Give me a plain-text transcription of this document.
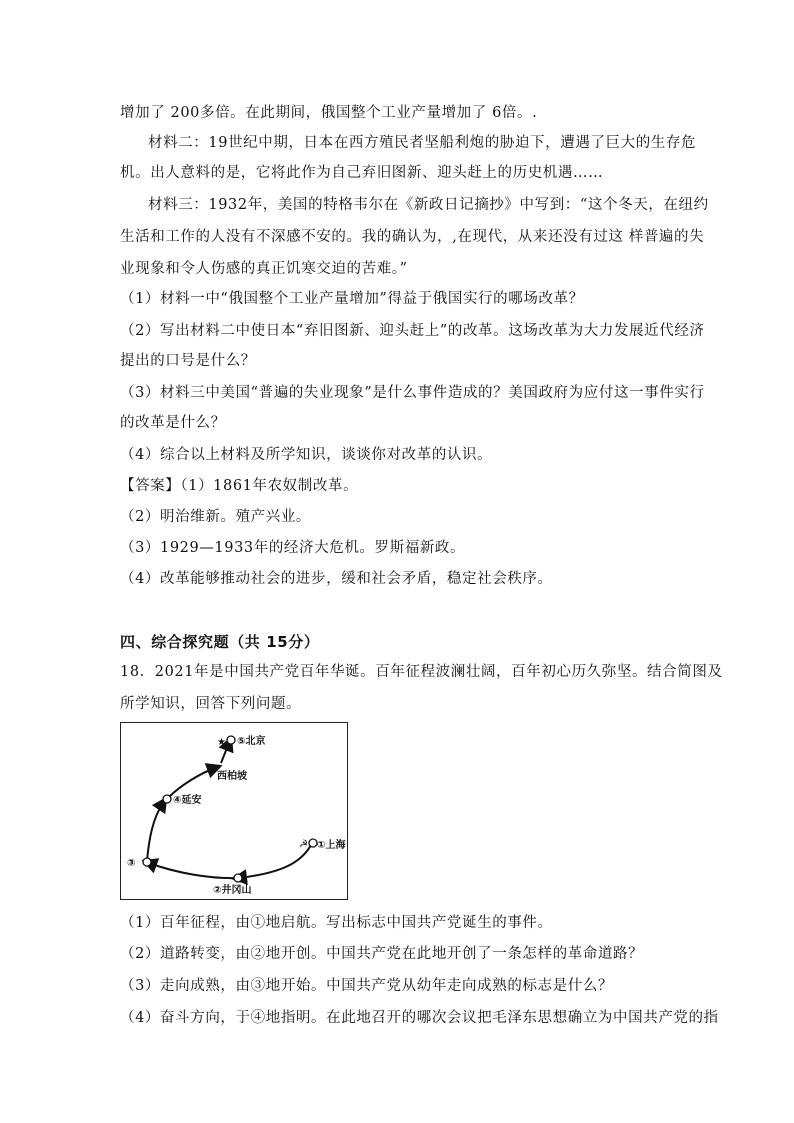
增加了 200多倍。在此期间，俄国整个工业产量增加了 6倍。.
材料二：19世纪中期，日本在西方殖民者坚船利炮的胁迫下，遭遇了巨大的生存危
机。出人意料的是，它将此作为自己弃旧图新、迎头赶上的历史机遇……
材料三：1932年，美国的特格韦尔在《新政日记摘抄》中写到：“这个冬天，在纽约
生活和工作的人没有不深感不安的。我的确认为，,在现代，从来还没有过这 样普遍的失
业现象和令人伤感的真正饥寒交迫的苦难。”
（1）材料一中“俄国整个工业产量增加”得益于俄国实行的哪场改革？
（2）写出材料二中使日本“弃旧图新、迎头赶上”的改革。这场改革为大力发展近代经济
提出的口号是什么？
（3）材料三中美国“普遍的失业现象”是什么事件造成的？美国政府为应付这一事件实行
的改革是什么？
（4）综合以上材料及所学知识，谈谈你对改革的认识。
【答案】（1）1861年农奴制改革。
（2）明治维新。殖产兴业。
（3）1929—1933年的经济大危机。罗斯福新政。
（4）改革能够推动社会的进步，缓和社会矛盾，稳定社会秩序。
四、综合探究题（共 15分）
18．2021年是中国共产党百年华诞。百年征程波澜壮阔，百年初心历久弥坚。结合简图及
所学知识，回答下列问题。
★ ⑤北京
西柏坡
④延安
☭ ①上海
②井冈山
③
（1）百年征程，由①地启航。写出标志中国共产党诞生的事件。
（2）道路转变，由②地开创。中国共产党在此地开创了一条怎样的革命道路？
（3）走向成熟，由③地开始。中国共产党从幼年走向成熟的标志是什么？
（4）奋斗方向，于④地指明。在此地召开的哪次会议把毛泽东思想确立为中国共产党的指
